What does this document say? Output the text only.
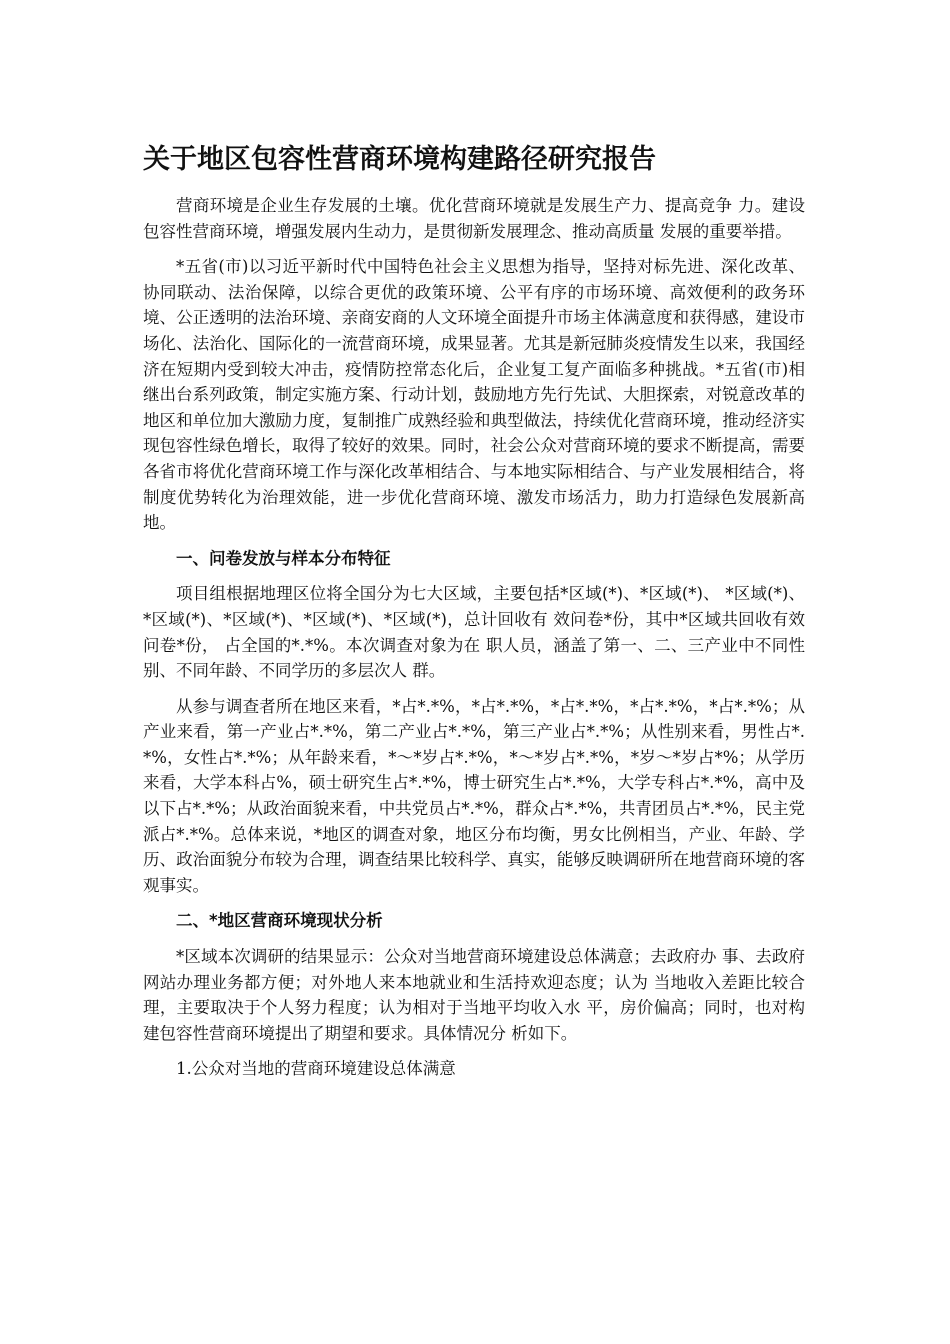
关于地区包容性营商环境构建路径研究报告

营商环境是企业生存发展的土壤。优化营商环境就是发展生产力、提高竞争 力。建设包容性营商环境，增强发展内生动力，是贯彻新发展理念、推动高质量 发展的重要举措。

*五省(市)以习近平新时代中国特色社会主义思想为指导，坚持对标先进、深化改革、协同联动、法治保障，以综合更优的政策环境、公平有序的市场环境、高效便利的政务环境、公正透明的法治环境、亲商安商的人文环境全面提升市场主体满意度和获得感，建设市场化、法治化、国际化的一流营商环境，成果显著。尤其是新冠肺炎疫情发生以来，我国经济在短期内受到较大冲击，疫情防控常态化后，企业复工复产面临多种挑战。*五省(市)相继出台系列政策，制定实施方案、行动计划，鼓励地方先行先试、大胆探索，对锐意改革的地区和单位加大激励力度，复制推广成熟经验和典型做法，持续优化营商环境，推动经济实现包容性绿色增长，取得了较好的效果。同时，社会公众对营商环境的要求不断提高，需要各省市将优化营商环境工作与深化改革相结合、与本地实际相结合、与产业发展相结合，将制度优势转化为治理效能，进一步优化营商环境、激发市场活力，助力打造绿色发展新高地。

一、问卷发放与样本分布特征

项目组根据地理区位将全国分为七大区域，主要包括*区域(*)、*区域(*)、 *区域(*)、*区域(*)、*区域(*)、*区域(*)、*区域(*)，总计回收有 效问卷*份，其中*区域共回收有效问卷*份， 占全国的*.*%。本次调查对象为在 职人员，涵盖了第一、二、三产业中不同性别、不同年龄、不同学历的多层次人 群。

从参与调查者所在地区来看，*占*.*%，*占*.*%，*占*.*%，*占*.*%，*占*.*%；从产业来看，第一产业占*.*%，第二产业占*.*%，第三产业占*.*%；从性别来看，男性占*.*%，女性占*.*%；从年龄来看，*～*岁占*.*%，*～*岁占*.*%，*岁～*岁占*%；从学历来看，大学本科占%，硕士研究生占*.*%，博士研究生占*.*%，大学专科占*.*%，高中及以下占*.*%；从政治面貌来看，中共党员占*.*%，群众占*.*%，共青团员占*.*%，民主党派占*.*%。总体来说，*地区的调查对象，地区分布均衡，男女比例相当，产业、年龄、学历、政治面貌分布较为合理，调查结果比较科学、真实，能够反映调研所在地营商环境的客观事实。

二、*地区营商环境现状分析

*区域本次调研的结果显示：公众对当地营商环境建设总体满意；去政府办 事、去政府网站办理业务都方便；对外地人来本地就业和生活持欢迎态度；认为 当地收入差距比较合理，主要取决于个人努力程度；认为相对于当地平均收入水 平，房价偏高；同时，也对构建包容性营商环境提出了期望和要求。具体情况分 析如下。

1.公众对当地的营商环境建设总体满意
